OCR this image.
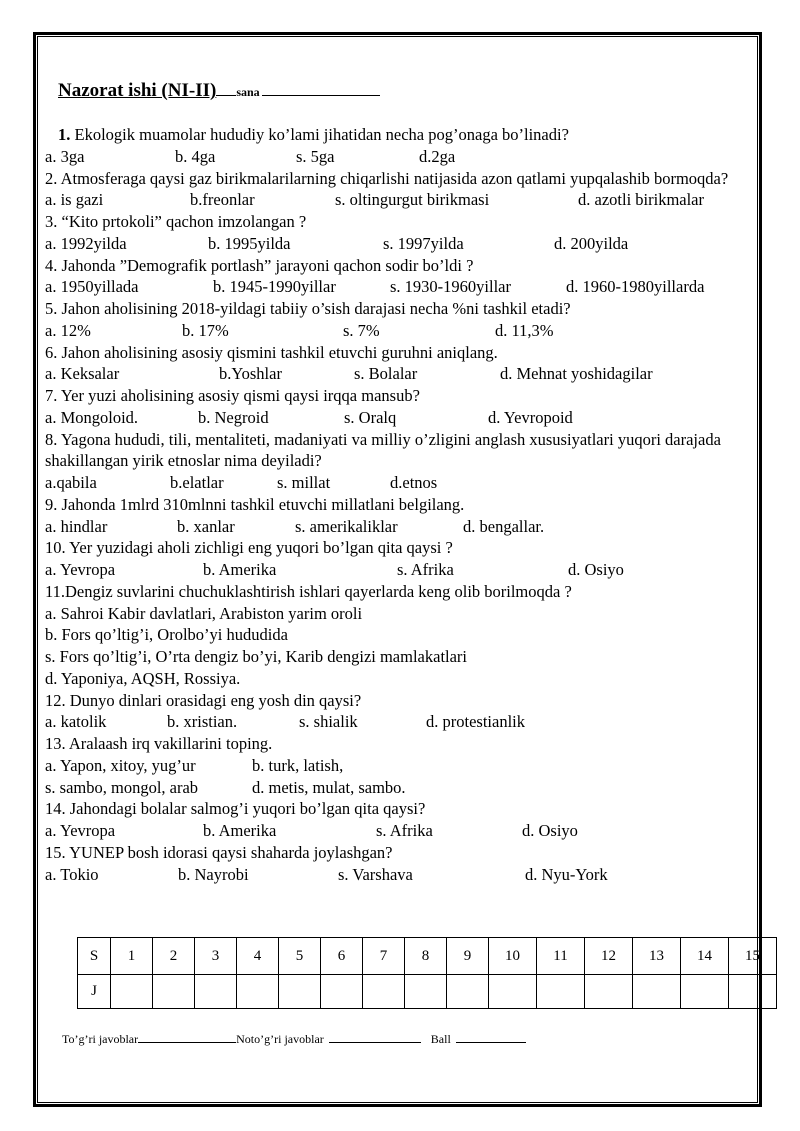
Nazorat ishi (NI-II) sana
1. Ekologik muamolar hududiy ko’lami jihatidan necha pog’onaga bo’linadi?
a. 3ga	b. 4ga	s. 5ga	d.2ga
2. Atmosferaga qaysi gaz birikmalarilarning chiqarlishi natijasida azon qatlami yupqalashib bormoqda?
a. is gazi	b.freonlar	s. oltingurgut birikmasi	d. azotli birikmalar
3. “Kito prtokoli” qachon imzolangan ?
a. 1992yilda	b. 1995yilda	s. 1997yilda	d. 200yilda
4. Jahonda ”Demografik portlash” jarayoni qachon sodir bo’ldi ?
a. 1950yillada	b. 1945-1990yillar	s. 1930-1960yillar	d. 1960-1980yillarda
5. Jahon aholisining 2018-yildagi tabiiy o’sish darajasi necha %ni tashkil etadi?
a. 12%	b. 17%	s. 7%	d. 11,3%
6. Jahon aholisining asosiy qismini tashkil etuvchi guruhni aniqlang.
a. Keksalar	b.Yoshlar	s. Bolalar	d. Mehnat yoshidagilar
7. Yer yuzi aholisining asosiy qismi qaysi irqqa mansub?
a. Mongoloid.	b. Negroid	s. Oralq	d. Yevropoid
8. Yagona hududi, tili, mentaliteti, madaniyati va milliy o’zligini anglash xususiyatlari yuqori darajada shakillangan yirik etnoslar nima deyiladi?
a.qabila	b.elatlar	s. millat	d.etnos
9. Jahonda 1mlrd 310mlnni tashkil etuvchi millatlani belgilang.
a. hindlar	b. xanlar	s. amerikaliklar	d. bengallar.
10. Yer yuzidagi aholi zichligi eng yuqori bo’lgan qita qaysi ?
a. Yevropa	b. Amerika	s. Afrika	d. Osiyo
11.Dengiz suvlarini chuchuklashtirish ishlari qayerlarda keng olib borilmoqda ?
a. Sahroi Kabir davlatlari, Arabiston yarim oroli
b. Fors qo’ltig’i, Orolbo’yi hududida
s. Fors qo’ltig’i, O’rta dengiz bo’yi, Karib dengizi mamlakatlari
d. Yaponiya, AQSH, Rossiya.
12. Dunyo dinlari orasidagi eng yosh din qaysi?
a. katolik	b. xristian.	s. shialik	d. protestianlik
13. Aralaash irq vakillarini toping.
a. Yapon, xitoy, yug’ur	b. turk, latish,
s. sambo, mongol, arab	d. metis, mulat, sambo.
14. Jahondagi bolalar salmog’i yuqori bo’lgan qita qaysi?
a. Yevropa	b. Amerika	s. Afrika	d. Osiyo
15. YUNEP bosh idorasi qaysi shaharda joylashgan?
a. Tokio	b. Nayrobi	s. Varshava	d. Nyu-York
S	1	2	3	4	5	6	7	8	9	10	11	12	13	14	15
J															
To’g’ri javoblar	Noto’g’ri javoblar	Ball
